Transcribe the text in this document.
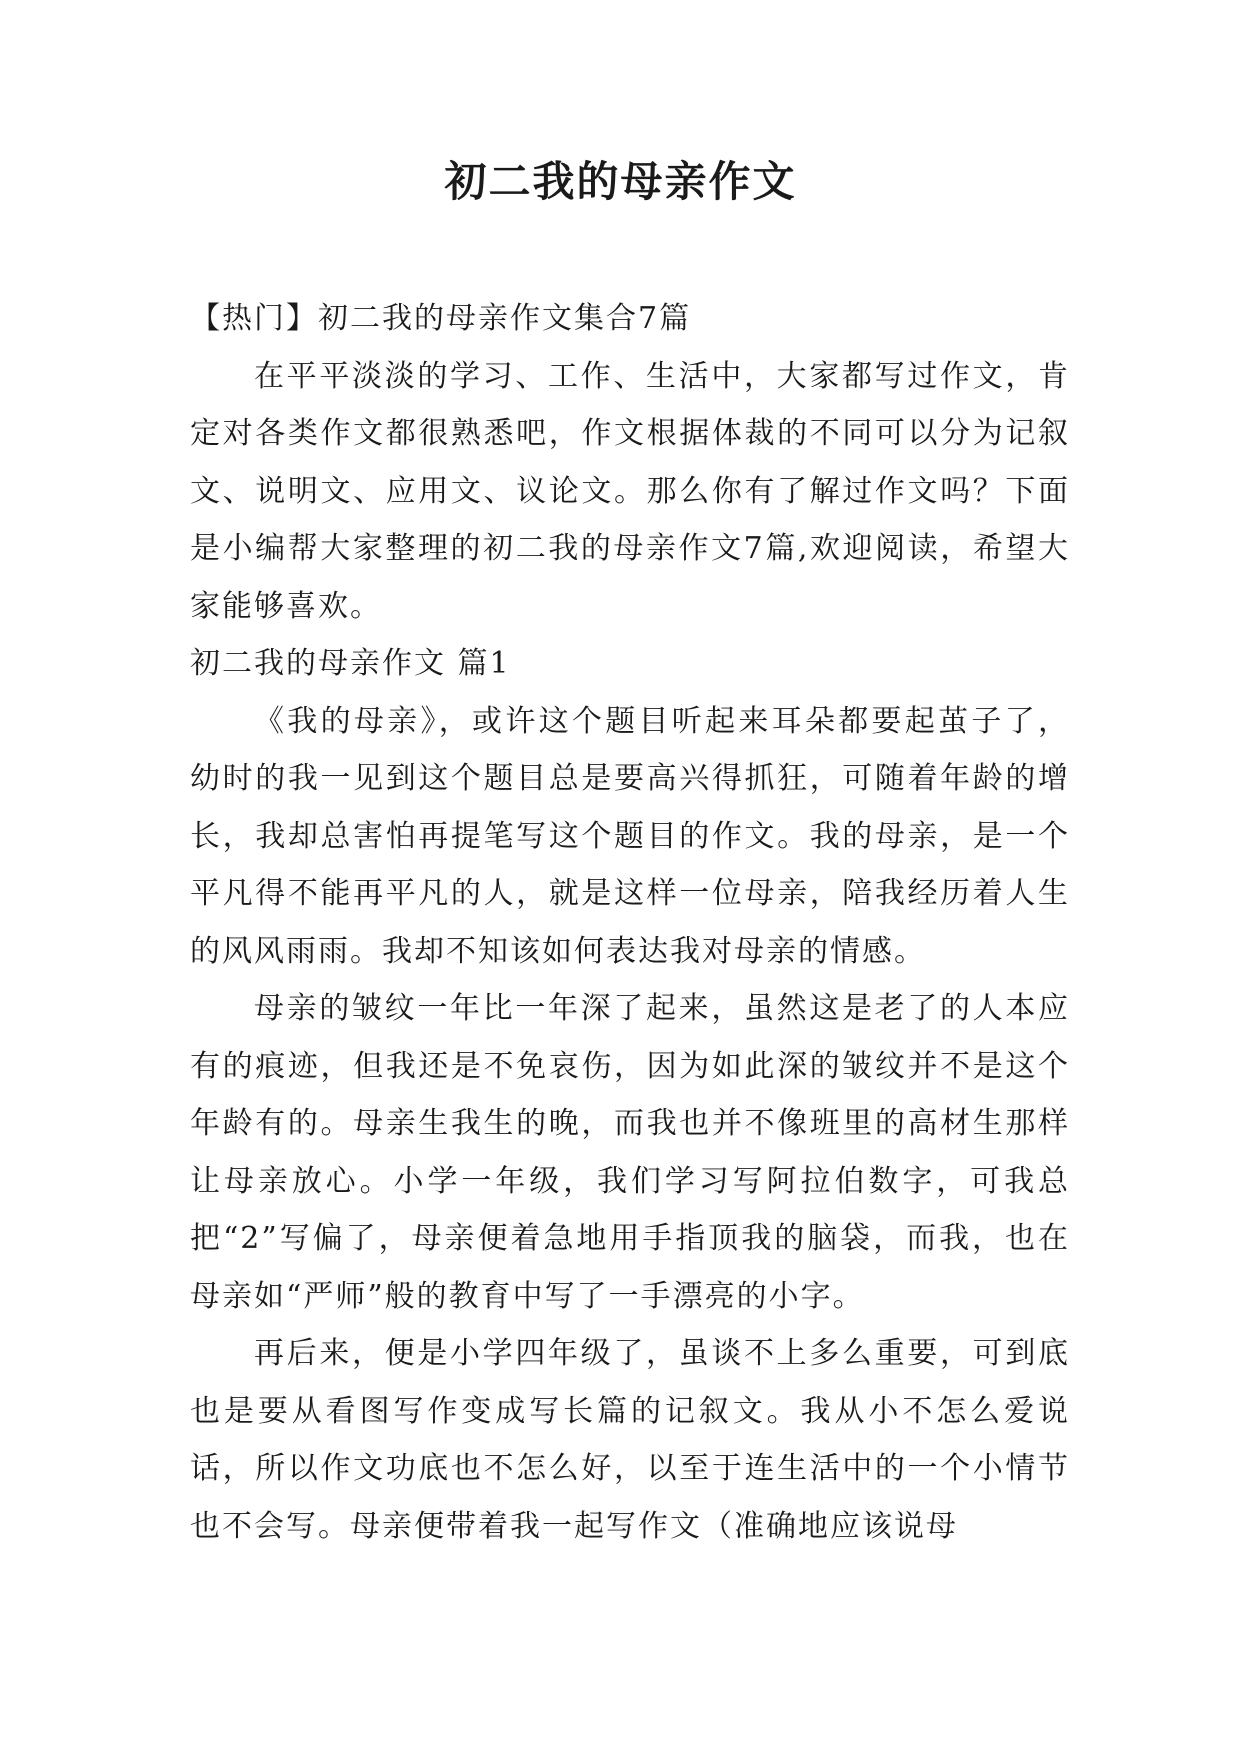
初二我的母亲作文

【热门】初二我的母亲作文集合7篇

在平平淡淡的学习、工作、生活中，大家都写过作文，肯定对各类作文都很熟悉吧，作文根据体裁的不同可以分为记叙文、说明文、应用文、议论文。那么你有了解过作文吗？下面是小编帮大家整理的初二我的母亲作文7篇,欢迎阅读，希望大家能够喜欢。

初二我的母亲作文 篇1

《我的母亲》，或许这个题目听起来耳朵都要起茧子了，幼时的我一见到这个题目总是要高兴得抓狂，可随着年龄的增长，我却总害怕再提笔写这个题目的作文。我的母亲，是一个平凡得不能再平凡的人，就是这样一位母亲，陪我经历着人生的风风雨雨。我却不知该如何表达我对母亲的情感。

母亲的皱纹一年比一年深了起来，虽然这是老了的人本应有的痕迹，但我还是不免哀伤，因为如此深的皱纹并不是这个年龄有的。母亲生我生的晚，而我也并不像班里的高材生那样让母亲放心。小学一年级，我们学习写阿拉伯数字，可我总把“2”写偏了，母亲便着急地用手指顶我的脑袋，而我，也在母亲如“严师”般的教育中写了一手漂亮的小字。

再后来，便是小学四年级了，虽谈不上多么重要，可到底也是要从看图写作变成写长篇的记叙文。我从小不怎么爱说话，所以作文功底也不怎么好，以至于连生活中的一个小情节也不会写。母亲便带着我一起写作文（准确地应该说母
